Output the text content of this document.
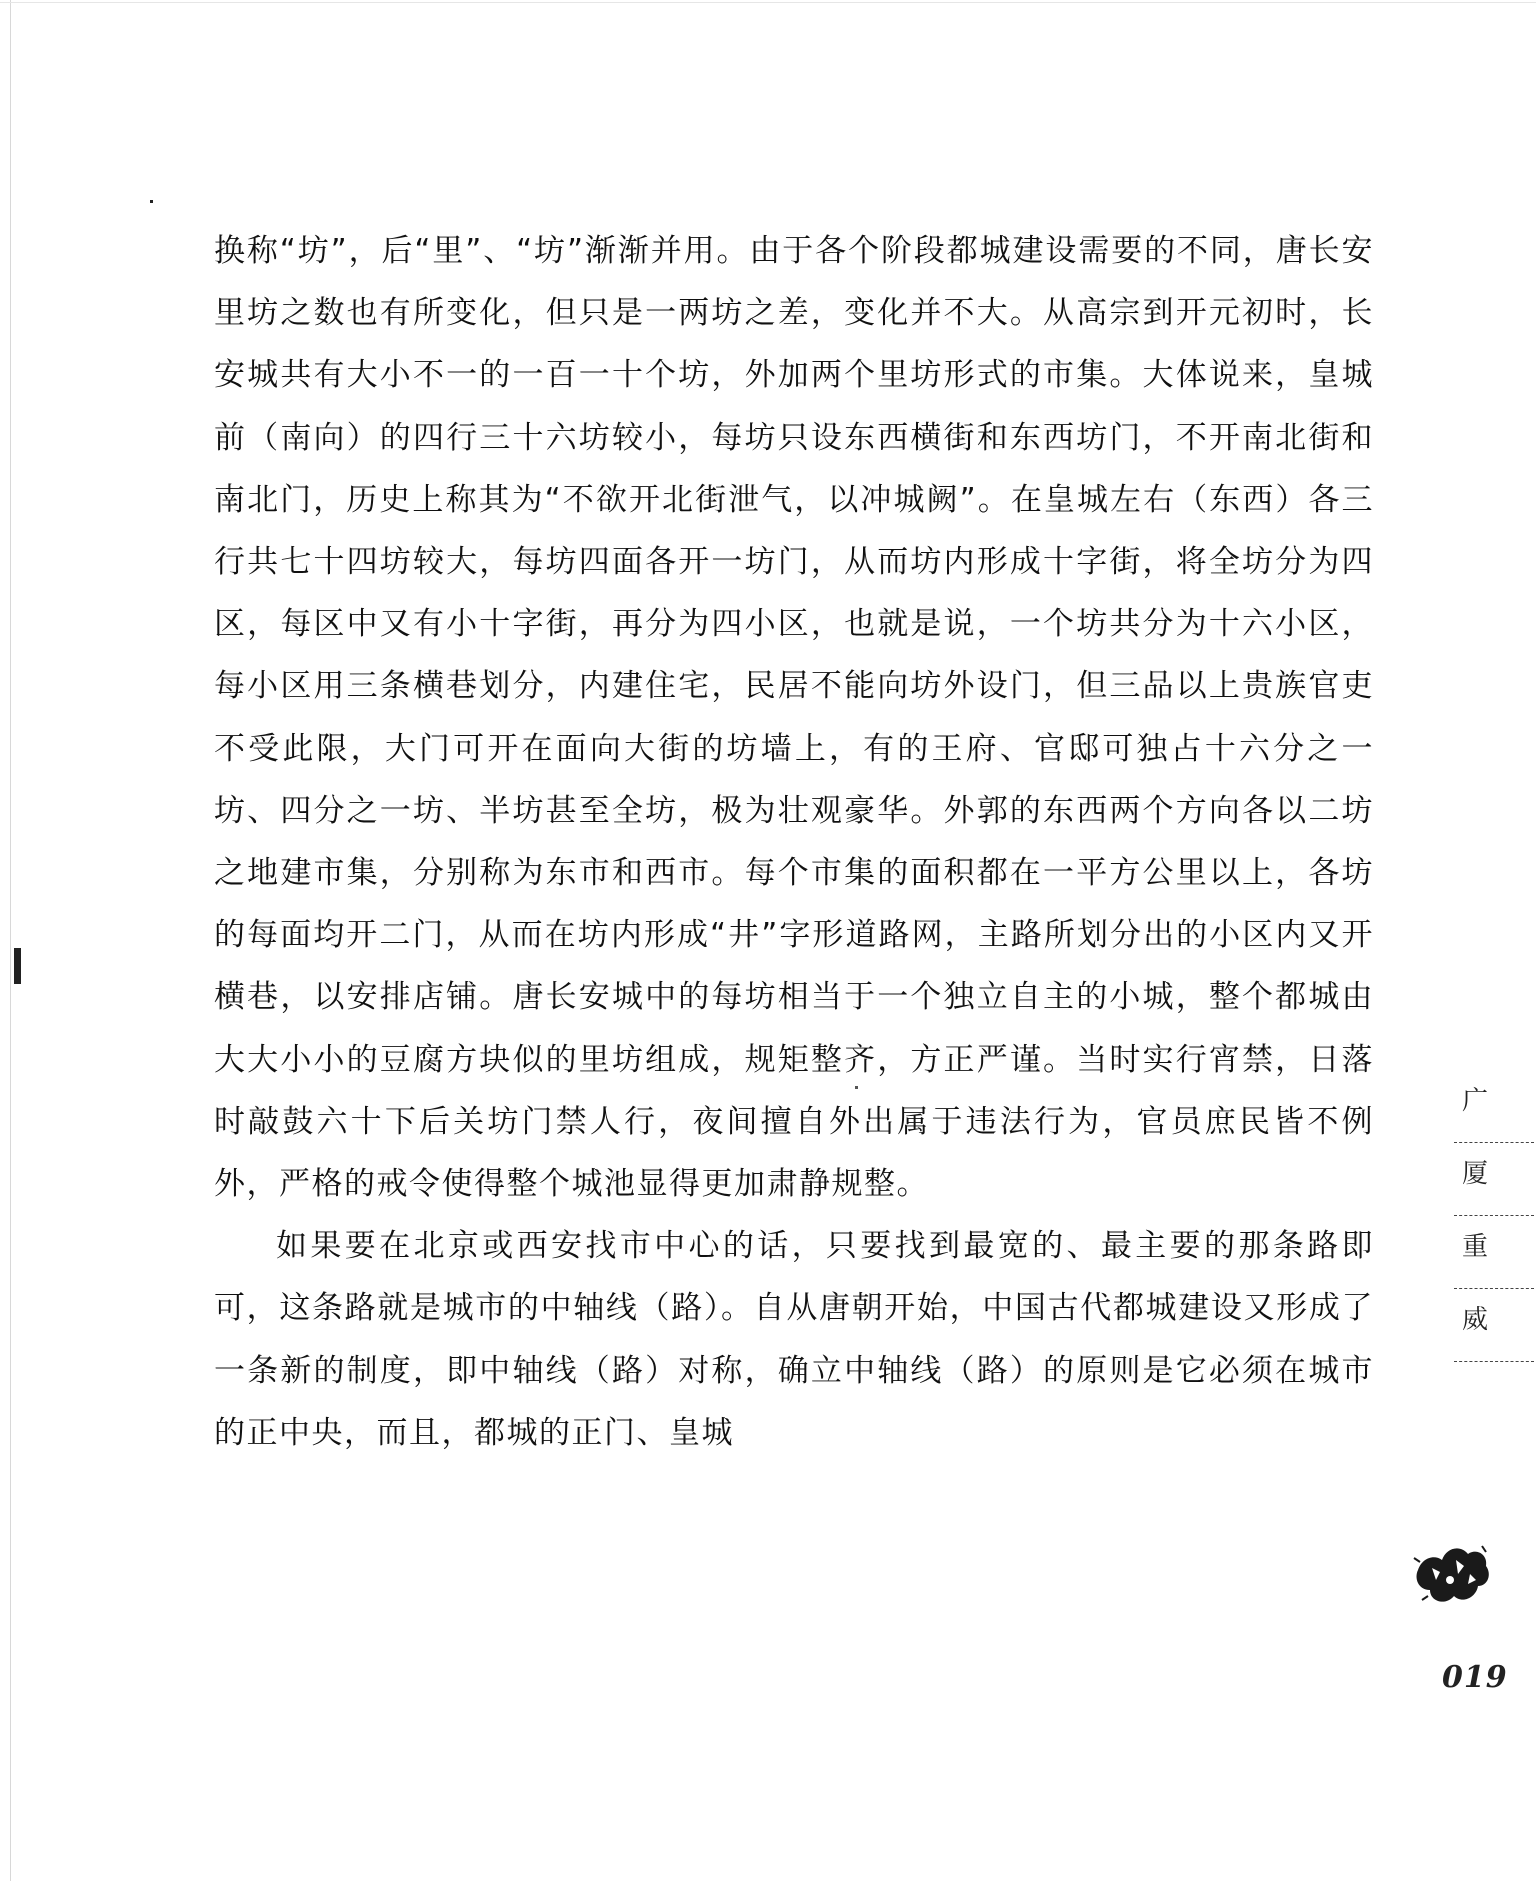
换称“坊”，后“里”、“坊”渐渐并用。由于各个阶段都城建设需要的不同，唐长安里坊之数也有所变化，但只是一两坊之差，变化并不大。从高宗到开元初时，长安城共有大小不一的一百一十个坊，外加两个里坊形式的市集。大体说来，皇城前（南向）的四行三十六坊较小，每坊只设东西横街和东西坊门，不开南北街和南北门，历史上称其为“不欲开北街泄气，以冲城阙”。在皇城左右（东西）各三行共七十四坊较大，每坊四面各开一坊门，从而坊内形成十字街，将全坊分为四区，每区中又有小十字街，再分为四小区，也就是说，一个坊共分为十六小区，每小区用三条横巷划分，内建住宅，民居不能向坊外设门，但三品以上贵族官吏不受此限，大门可开在面向大街的坊墙上，有的王府、官邸可独占十六分之一坊、四分之一坊、半坊甚至全坊，极为壮观豪华。外郭的东西两个方向各以二坊之地建市集，分别称为东市和西市。每个市集的面积都在一平方公里以上，各坊的每面均开二门，从而在坊内形成“井”字形道路网，主路所划分出的小区内又开横巷，以安排店铺。唐长安城中的每坊相当于一个独立自主的小城，整个都城由大大小小的豆腐方块似的里坊组成，规矩整齐，方正严谨。当时实行宵禁，日落时敲鼓六十下后关坊门禁人行，夜间擅自外出属于违法行为，官员庶民皆不例外，严格的戒令使得整个城池显得更加肃静规整。

如果要在北京或西安找市中心的话，只要找到最宽的、最主要的那条路即可，这条路就是城市的中轴线（路）。自从唐朝开始，中国古代都城建设又形成了一条新的制度，即中轴线（路）对称，确立中轴线（路）的原则是它必须在城市的正中央，而且，都城的正门、皇城

广
厦
重
威
019
